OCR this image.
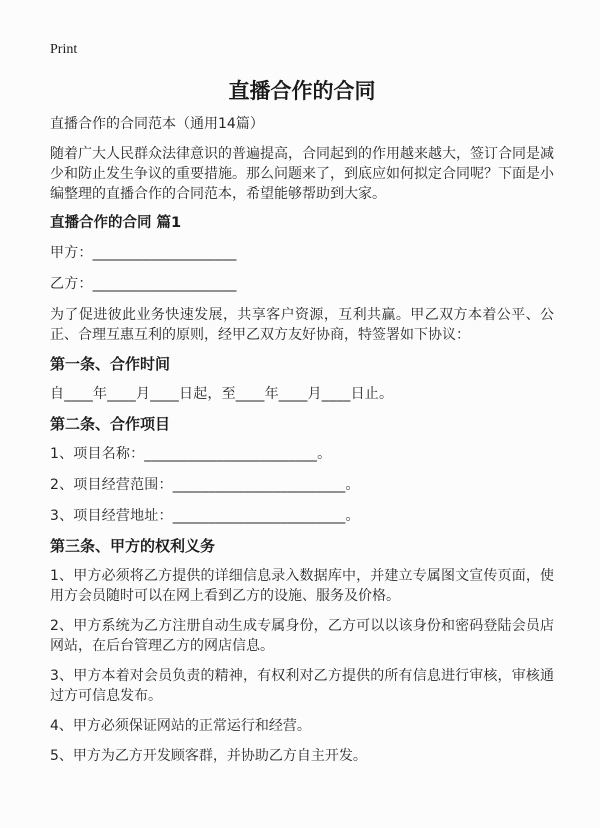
Print
直播合作的合同
直播合作的合同范本（通用14篇）
随着广大人民群众法律意识的普遍提高，合同起到的作用越来越大，签订合同是减少和防止发生争议的重要措施。那么问题来了，到底应如何拟定合同呢？下面是小编整理的直播合作的合同范本，希望能够帮助到大家。
直播合作的合同 篇1
甲方：____________________
乙方：____________________
为了促进彼此业务快速发展，共享客户资源，互利共赢。甲乙双方本着公平、公正、合理互惠互利的原则，经甲乙双方友好协商，特签署如下协议：
第一条、合作时间
自____年____月____日起，至____年____月____日止。
第二条、合作项目
1、项目名称：________________________。
2、项目经营范围：________________________。
3、项目经营地址：________________________。
第三条、甲方的权利义务
1、甲方必须将乙方提供的详细信息录入数据库中，并建立专属图文宣传页面，使用方会员随时可以在网上看到乙方的设施、服务及价格。
2、甲方系统为乙方注册自动生成专属身份，乙方可以以该身份和密码登陆会员店网站，在后台管理乙方的网店信息。
3、甲方本着对会员负责的精神，有权利对乙方提供的所有信息进行审核，审核通过方可信息发布。
4、甲方必须保证网站的正常运行和经营。
5、甲方为乙方开发顾客群，并协助乙方自主开发。
